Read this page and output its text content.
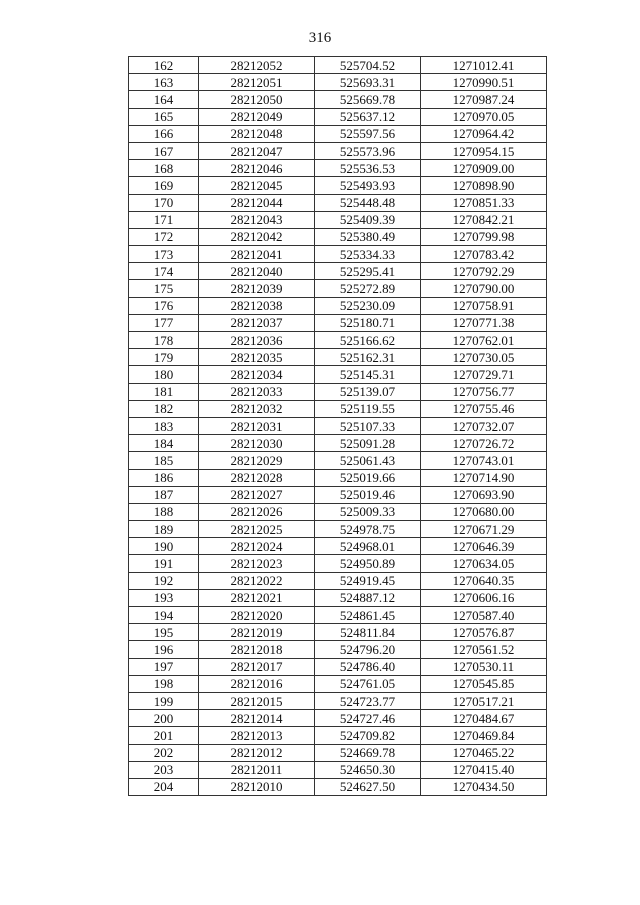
316
162	28212052	525704.52	1271012.41
163	28212051	525693.31	1270990.51
164	28212050	525669.78	1270987.24
165	28212049	525637.12	1270970.05
166	28212048	525597.56	1270964.42
167	28212047	525573.96	1270954.15
168	28212046	525536.53	1270909.00
169	28212045	525493.93	1270898.90
170	28212044	525448.48	1270851.33
171	28212043	525409.39	1270842.21
172	28212042	525380.49	1270799.98
173	28212041	525334.33	1270783.42
174	28212040	525295.41	1270792.29
175	28212039	525272.89	1270790.00
176	28212038	525230.09	1270758.91
177	28212037	525180.71	1270771.38
178	28212036	525166.62	1270762.01
179	28212035	525162.31	1270730.05
180	28212034	525145.31	1270729.71
181	28212033	525139.07	1270756.77
182	28212032	525119.55	1270755.46
183	28212031	525107.33	1270732.07
184	28212030	525091.28	1270726.72
185	28212029	525061.43	1270743.01
186	28212028	525019.66	1270714.90
187	28212027	525019.46	1270693.90
188	28212026	525009.33	1270680.00
189	28212025	524978.75	1270671.29
190	28212024	524968.01	1270646.39
191	28212023	524950.89	1270634.05
192	28212022	524919.45	1270640.35
193	28212021	524887.12	1270606.16
194	28212020	524861.45	1270587.40
195	28212019	524811.84	1270576.87
196	28212018	524796.20	1270561.52
197	28212017	524786.40	1270530.11
198	28212016	524761.05	1270545.85
199	28212015	524723.77	1270517.21
200	28212014	524727.46	1270484.67
201	28212013	524709.82	1270469.84
202	28212012	524669.78	1270465.22
203	28212011	524650.30	1270415.40
204	28212010	524627.50	1270434.50
